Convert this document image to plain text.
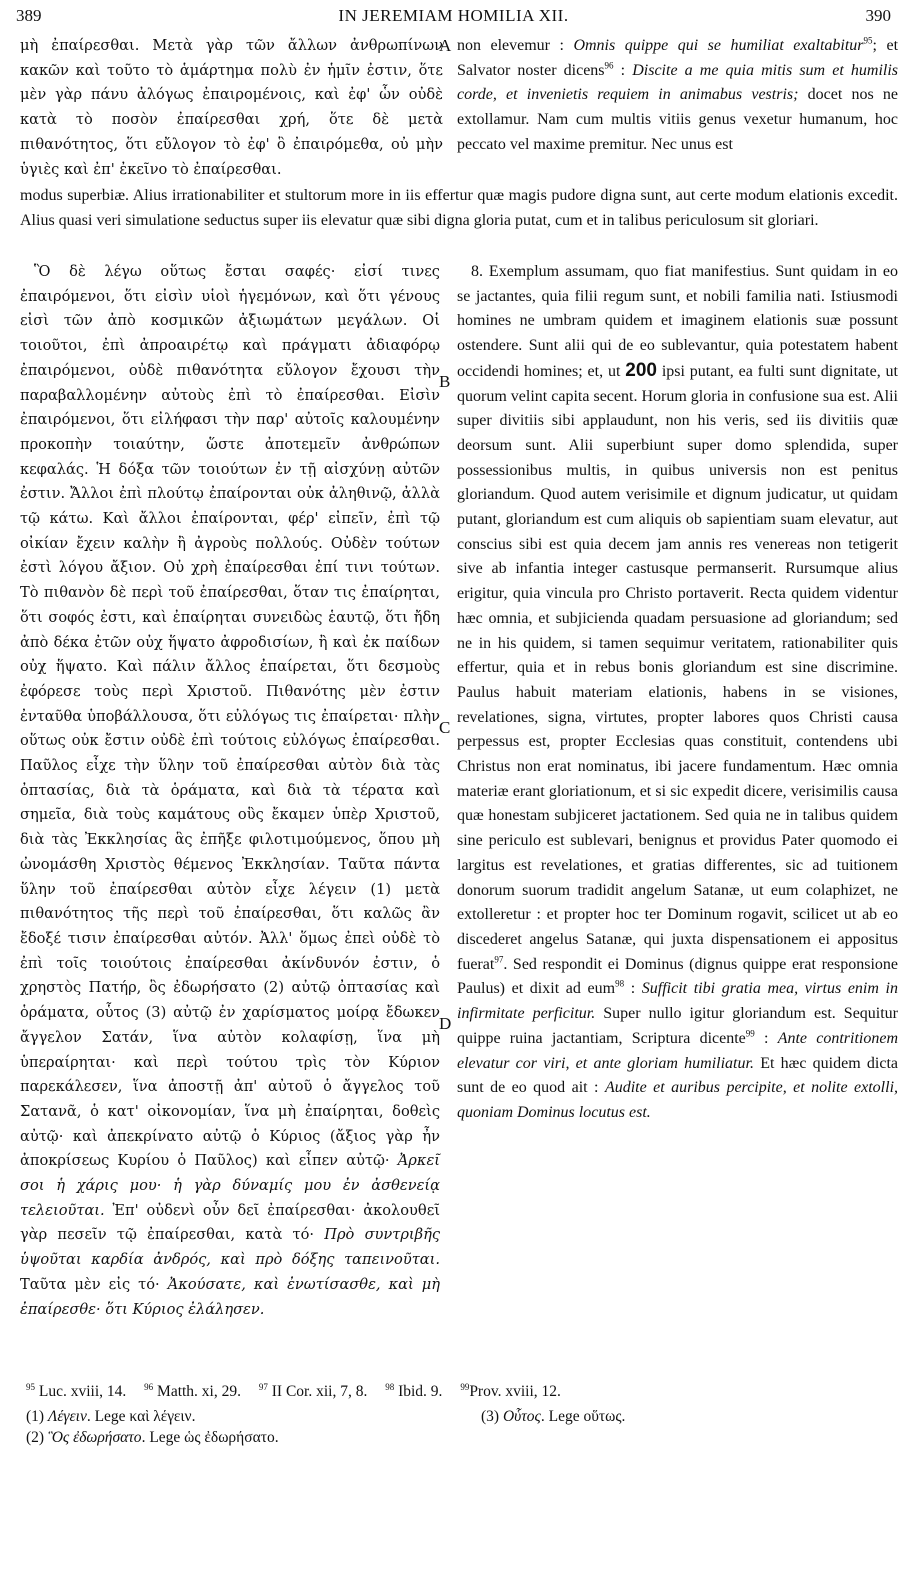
389	IN JEREMIAM HOMILIA XII.	390

μὴ ἐπαίρεσθαι. Μετὰ γὰρ τῶν ἄλλων ἀνθρωπίνων κακῶν καὶ τοῦτο τὸ ἁμάρτημα πολὺ ἐν ἡμῖν ἐστιν, ὅτε μὲν γὰρ πάνυ ἀλόγως ἐπαιρομένοις, καὶ ἐφ' ὧν οὐδὲ κατὰ τὸ ποσὸν ἐπαίρεσθαι χρή, ὅτε δὲ μετὰ πιθανότητος, ὅτι εὔλογον τὸ ἐφ' ὃ ἐπαιρόμεθα, οὐ μὴν ὑγιὲς καὶ ἐπ' ἐκεῖνο τὸ ἐπαίρεσθαι.

non elevemur : Omnis quippe qui se humiliat exaltabitur$^{95}$; et Salvator noster dicens$^{96}$ : Discite a me quia mitis sum et humilis corde, et invenietis requiem in animabus vestris; docet nos ne extollamur. Nam cum multis vitiis genus vexetur humanum, hoc peccato vel maxime premitur. Nec unus est

modus superbiæ. Alius irrationabiliter et stultorum more in iis effertur quæ magis pudore digna sunt, aut certe modum elationis excedit. Alius quasi veri simulatione seductus super iis elevatur quæ sibi digna gloria putat, cum et in talibus periculosum sit gloriari.

Ὃ δὲ λέγω οὕτως ἔσται σαφές· εἰσί τινες ἐπαιρόμενοι, ὅτι εἰσὶν υἱοὶ ἡγεμόνων, καὶ ὅτι γένους εἰσὶ τῶν ἀπὸ κοσμικῶν ἀξιωμάτων μεγάλων. Οἱ τοιοῦτοι, ἐπὶ ἀπροαιρέτῳ καὶ πράγματι ἀδιαφόρῳ ἐπαιρόμενοι, οὐδὲ πιθανότητα εὔλογον ἔχουσι τὴν παραβαλλομένην αὐτοὺς ἐπὶ τὸ ἐπαίρεσθαι. Εἰσὶν ἐπαιρόμενοι, ὅτι εἰλήφασι τὴν παρ' αὐτοῖς καλουμένην προκοπὴν τοιαύτην, ὥστε ἀποτεμεῖν ἀνθρώπων κεφαλάς. Ἡ δόξα τῶν τοιούτων ἐν τῇ αἰσχύνῃ αὐτῶν ἐστιν. Ἄλλοι ἐπὶ πλούτῳ ἐπαίρονται οὐκ ἀληθινῷ, ἀλλὰ τῷ κάτω. Καὶ ἄλλοι ἐπαίρονται, φέρ' εἰπεῖν, ἐπὶ τῷ οἰκίαν ἔχειν καλὴν ἢ ἀγροὺς πολλούς. Οὐδὲν τούτων ἐστὶ λόγου ἄξιον. Οὐ χρὴ ἐπαίρεσθαι ἐπί τινι τούτων. Τὸ πιθανὸν δὲ περὶ τοῦ ἐπαίρεσθαι, ὅταν τις ἐπαίρηται, ὅτι σοφός ἐστι, καὶ ἐπαίρηται συνειδὼς ἑαυτῷ, ὅτι ἤδη ἀπὸ δέκα ἐτῶν οὐχ ἥψατο ἀφροδισίων, ἢ καὶ ἐκ παίδων οὐχ ἥψατο. Καὶ πάλιν ἄλλος ἐπαίρεται, ὅτι δεσμοὺς ἐφόρεσε τοὺς περὶ Χριστοῦ. Πιθανότης μὲν ἐστιν ἐνταῦθα ὑποβάλλουσα, ὅτι εὐλόγως τις ἐπαίρεται· πλὴν οὕτως οὐκ ἔστιν οὐδὲ ἐπὶ τούτοις εὐλόγως ἐπαίρεσθαι. Παῦλος εἶχε τὴν ὕλην τοῦ ἐπαίρεσθαι αὐτὸν διὰ τὰς ὀπτασίας, διὰ τὰ ὁράματα, καὶ διὰ τὰ τέρατα καὶ σημεῖα, διὰ τοὺς καμάτους οὓς ἔκαμεν ὑπὲρ Χριστοῦ, διὰ τὰς Ἐκκλησίας ἃς ἐπῆξε φιλοτιμούμενος, ὅπου μὴ ὠνομάσθη Χριστὸς θέμενος Ἐκκλησίαν. Ταῦτα πάντα ὕλην τοῦ ἐπαίρεσθαι αὐτὸν εἶχε λέγειν (1) μετὰ πιθανότητος τῆς περὶ τοῦ ἐπαίρεσθαι, ὅτι καλῶς ἂν ἔδοξέ τισιν ἐπαίρεσθαι αὐτόν. Ἀλλ' ὅμως ἐπεὶ οὐδὲ τὸ ἐπὶ τοῖς τοιούτοις ἐπαίρεσθαι ἀκίνδυνόν ἐστιν, ὁ χρηστὸς Πατήρ, ὃς ἐδωρήσατο (2) αὐτῷ ὀπτασίας καὶ ὁράματα, οὗτος (3) αὐτῷ ἐν χαρίσματος μοίρᾳ ἔδωκεν ἄγγελον Σατάν, ἵνα αὐτὸν κολαφίσῃ, ἵνα μὴ ὑπεραίρηται· καὶ περὶ τούτου τρὶς τὸν Κύριον παρεκάλεσεν, ἵνα ἀποστῇ ἀπ' αὐτοῦ ὁ ἄγγελος τοῦ Σατανᾶ, ὁ κατ' οἰκονομίαν, ἵνα μὴ ἐπαίρηται, δοθεὶς αὐτῷ· καὶ ἀπεκρίνατο αὐτῷ ὁ Κύριος (ἄξιος γὰρ ἦν ἀποκρίσεως Κυρίου ὁ Παῦλος) καὶ εἶπεν αὐτῷ· Ἀρκεῖ σοι ἡ χάρις μου· ἡ γὰρ δύναμίς μου ἐν ἀσθενείᾳ τελειοῦται. Ἐπ' οὐδενὶ οὖν δεῖ ἐπαίρεσθαι· ἀκολουθεῖ γὰρ πεσεῖν τῷ ἐπαίρεσθαι, κατὰ τό· Πρὸ συντριβῆς ὑψοῦται καρδία ἀνδρός, καὶ πρὸ δόξης ταπεινοῦται. Ταῦτα μὲν εἰς τό· Ἀκούσατε, καὶ ἐνωτίσασθε, καὶ μὴ ἐπαίρεσθε· ὅτι Κύριος ἐλάλησεν.

8. Exemplum assumam, quo fiat manifestius. Sunt quidam in eo se jactantes, quia filii regum sunt, et nobili familia nati. Istiusmodi homines ne umbram quidem et imaginem elationis suæ possunt ostendere. Sunt alii qui de eo sublevantur, quia potestatem habent occidendi homines; et, ut 200 ipsi putant, ea fulti sunt dignitate, ut quorum velint capita secent. Horum gloria in confusione sua est. Alii super divitiis sibi applaudunt, non his veris, sed iis divitiis quæ deorsum sunt. Alii superbiunt super domo splendida, super possessionibus multis, in quibus universis non est penitus gloriandum. Quod autem verisimile et dignum judicatur, ut quidam putant, gloriandum est cum aliquis ob sapientiam suam elevatur, aut conscius sibi est quia decem jam annis res venereas non tetigerit sive ab infantia integer castusque permanserit. Rursumque alius erigitur, quia vincula pro Christo portaverit. Recta quidem videntur hæc omnia, et subjicienda quadam persuasione ad gloriandum; sed ne in his quidem, si tamen sequimur veritatem, rationabiliter quis effertur, quia et in rebus bonis gloriandum est sine discrimine. Paulus habuit materiam elationis, habens in se visiones, revelationes, signa, virtutes, propter labores quos Christi causa perpessus est, propter Ecclesias quas constituit, contendens ubi Christus non erat nominatus, ibi jacere fundamentum. Hæc omnia materiæ erant gloriationum, et si sic expedit dicere, verisimilis causa quæ honestam subjiceret jactationem. Sed quia ne in talibus quidem sine periculo est sublevari, benignus et providus Pater quomodo ei largitus est revelationes, et gratias differentes, sic ad tuitionem donorum suorum tradidit angelum Satanæ, ut eum colaphizet, ne extolleretur : et propter hoc ter Dominum rogavit, scilicet ut ab eo discederet angelus Satanæ, qui juxta dispensationem ei appositus fuerat$^{97}$. Sed respondit ei Dominus (dignus quippe erat responsione Paulus) et dixit ad eum$^{98}$ : Sufficit tibi gratia mea, virtus enim in infirmitate perficitur. Super nullo igitur gloriandum est. Sequitur quippe ruina jactantiam, Scriptura dicente$^{99}$ : Ante contritionem elevatur cor viri, et ante gloriam humiliatur. Et hæc quidem dicta sunt de eo quod ait : Audite et auribus percipite, et nolite extolli, quoniam Dominus locutus est.

A
B
C
D
$^{95}$ Luc. xviii, 14. $^{96}$ Matth. xi, 29. $^{97}$ II Cor. xii, 7, 8. $^{98}$ Ibid. 9. $^{99}$Prov. xviii, 12.
(1) Λέγειν. Lege καὶ λέγειν.
(2) Ὃς ἐδωρήσατο. Lege ὡς ἐδωρήσατο.
(3) Οὗτος. Lege οὕτως.
